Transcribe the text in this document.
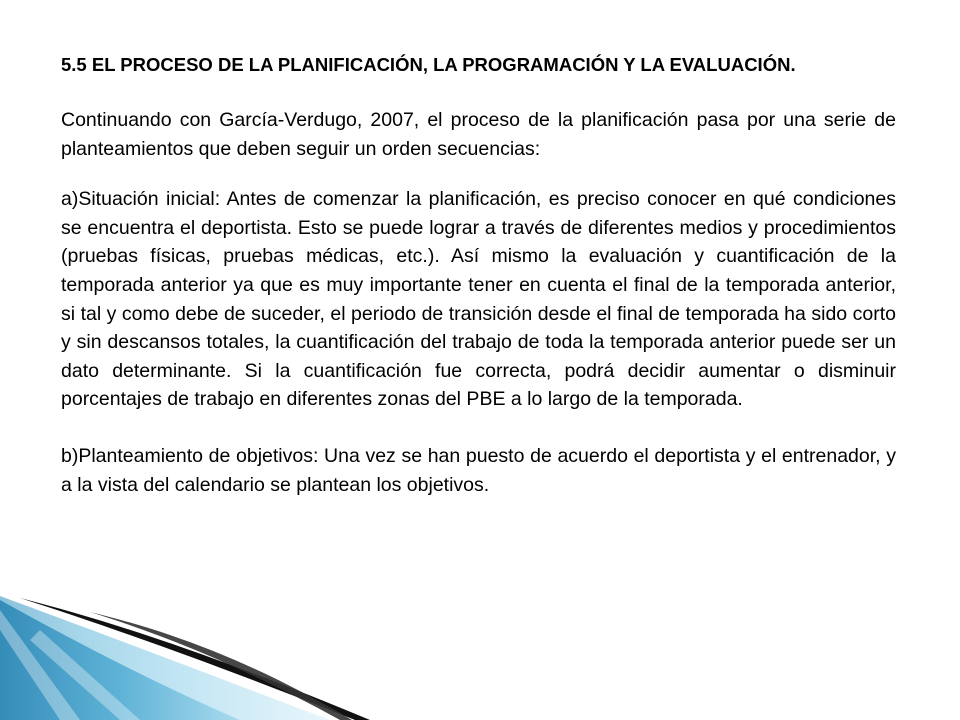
5.5 EL PROCESO DE LA PLANIFICACIÓN, LA PROGRAMACIÓN Y LA EVALUACIÓN.

Continuando con García-Verdugo, 2007, el proceso de la planificación pasa por una serie de planteamientos que deben seguir un orden secuencias:

a)Situación inicial: Antes de comenzar la planificación, es preciso conocer en qué condiciones se encuentra el deportista. Esto se puede lograr a través de diferentes medios y procedimientos (pruebas físicas, pruebas médicas, etc.). Así mismo la evaluación y cuantificación de la temporada anterior ya que es muy importante tener en cuenta el final de la temporada anterior, si tal y como debe de suceder, el periodo de transición desde el final de temporada ha sido corto y sin descansos totales, la cuantificación del trabajo de toda la temporada anterior puede ser un dato determinante. Si la cuantificación fue correcta, podrá decidir aumentar o disminuir porcentajes de trabajo en diferentes zonas del PBE a lo largo de la temporada.

b)Planteamiento de objetivos: Una vez se han puesto de acuerdo el deportista y el entrenador, y a la vista del calendario se plantean los objetivos.
